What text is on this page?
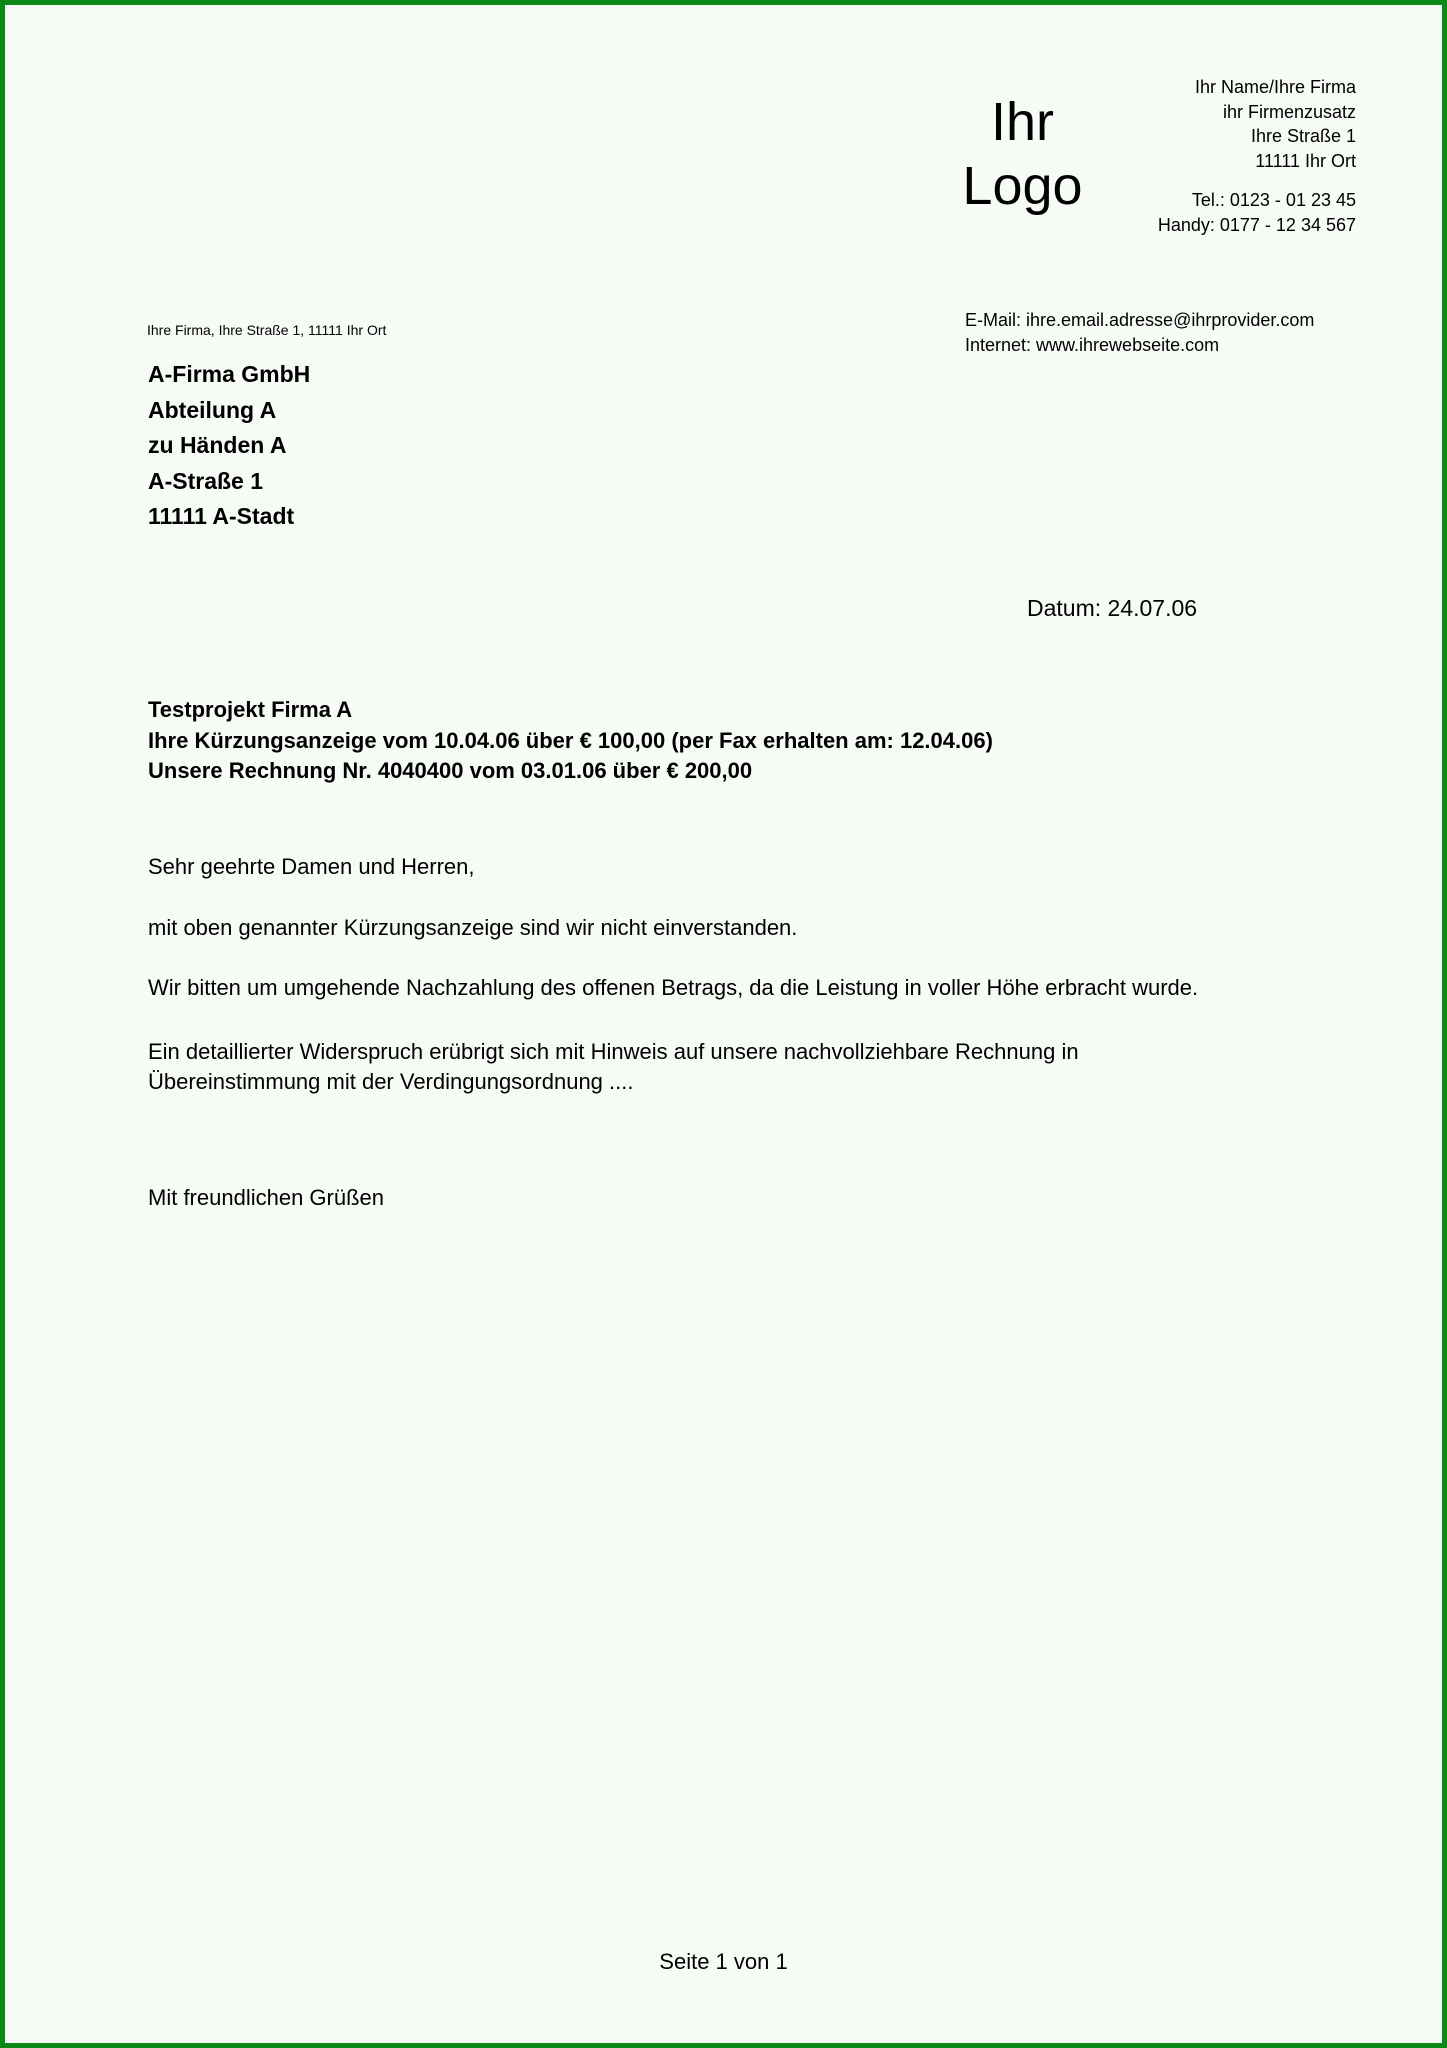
Ihr
Logo
Ihr Name/Ihre Firma
ihr Firmenzusatz
Ihre Straße 1
11111 Ihr Ort
Tel.: 0123 - 01 23 45
Handy: 0177 - 12 34 567
E-Mail: ihre.email.adresse@ihrprovider.com
Internet: www.ihrewebseite.com
Ihre Firma, Ihre Straße 1, 11111 Ihr Ort
A-Firma GmbH
Abteilung A
zu Händen A
A-Straße 1
11111 A-Stadt
Datum: 24.07.06
Testprojekt Firma A
Ihre Kürzungsanzeige vom 10.04.06 über € 100,00 (per Fax erhalten am: 12.04.06)
Unsere Rechnung Nr. 4040400 vom 03.01.06 über € 200,00
Sehr geehrte Damen und Herren,
mit oben genannter Kürzungsanzeige sind wir nicht einverstanden.
Wir bitten um umgehende Nachzahlung des offenen Betrags, da die Leistung in voller Höhe erbracht wurde.
Ein detaillierter Widerspruch erübrigt sich mit Hinweis auf unsere nachvollziehbare Rechnung in
Übereinstimmung mit der Verdingungsordnung ....
Mit freundlichen Grüßen
Seite 1 von 1
